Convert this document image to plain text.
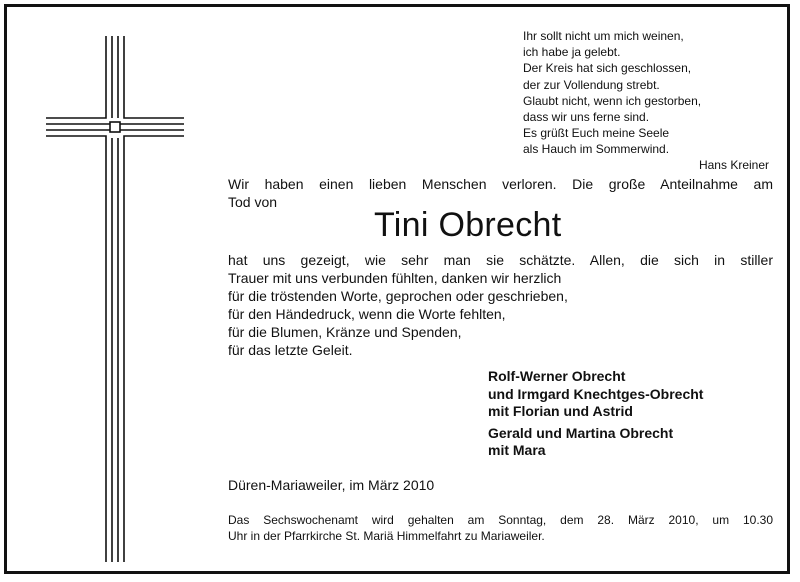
Ihr sollt nicht um mich weinen,
ich habe ja gelebt.
Der Kreis hat sich geschlossen,
der zur Vollendung strebt.
Glaubt nicht, wenn ich gestorben,
dass wir uns ferne sind.
Es grüßt Euch meine Seele
als Hauch im Sommerwind.
Hans Kreiner
Wir haben einen lieben Menschen verloren. Die große Anteilnahme am
Tod von
Tini Obrecht
hat uns gezeigt, wie sehr man sie schätzte. Allen, die sich in stiller
Trauer mit uns verbunden fühlten, danken wir herzlich
für die tröstenden Worte, geprochen oder geschrieben,
für den Händedruck, wenn die Worte fehlten,
für die Blumen, Kränze und Spenden,
für das letzte Geleit.
Rolf-Werner Obrecht
und Irmgard Knechtges-Obrecht
mit Florian und Astrid
Gerald und Martina Obrecht
mit Mara
Düren-Mariaweiler, im März 2010
Das Sechswochenamt wird gehalten am Sonntag, dem 28. März 2010, um 10.30
Uhr in der Pfarrkirche St. Mariä Himmelfahrt zu Mariaweiler.
